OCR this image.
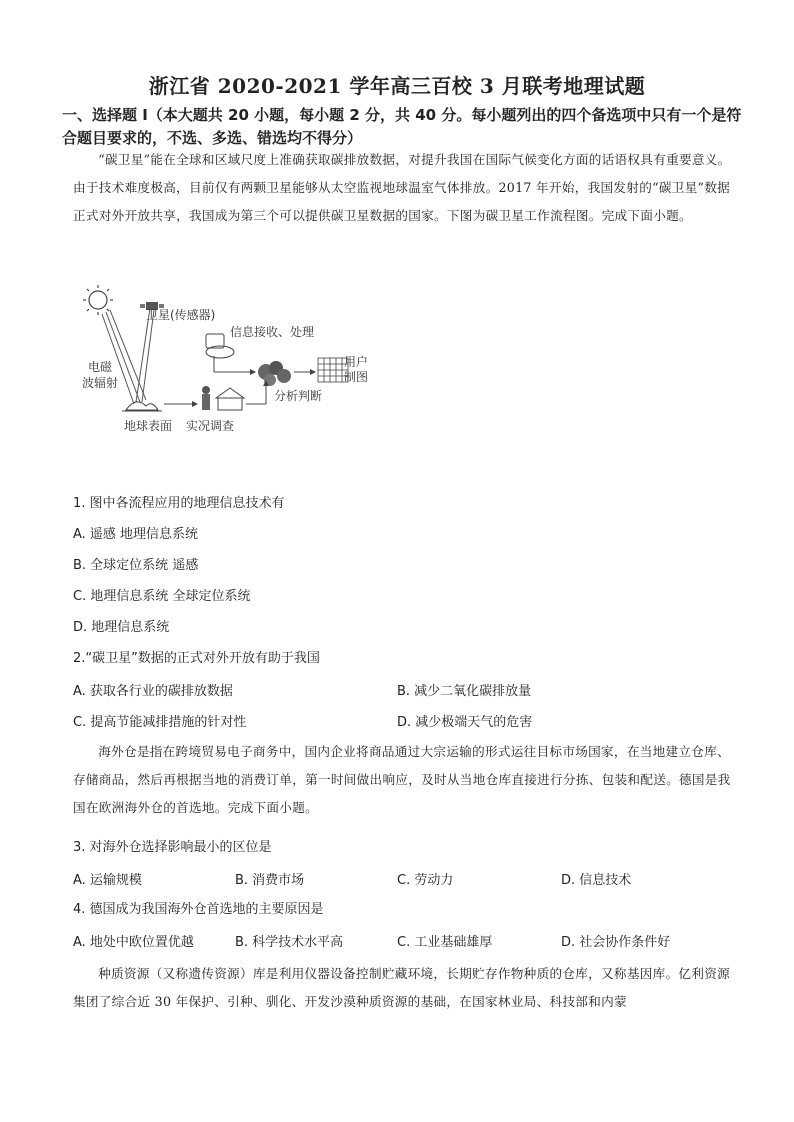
浙江省 2020-2021 学年高三百校 3 月联考地理试题
一、选择题 I（本大题共 20 小题，每小题 2 分，共 40 分。每小题列出的四个备选项中只有一个是符合题目要求的，不选、多选、错选均不得分）
“碳卫星”能在全球和区域尺度上准确获取碳排放数据，对提升我国在国际气候变化方面的话语权具有重要意义。由于技术难度极高，目前仅有两颗卫星能够从太空监视地球温室气体排放。2017 年开始，我国发射的“碳卫星”数据正式对外开放共享，我国成为第三个可以提供碳卫星数据的国家。下图为碳卫星工作流程图。完成下面小题。
卫星(传感器)
信息接收、处理
用户
制图
电磁
波辐射
分析判断
地球表面 实况调查
1. 图中各流程应用的地理信息技术有
A. 遥感 地理信息系统
B. 全球定位系统 遥感
C. 地理信息系统 全球定位系统
D. 地理信息系统
2.“碳卫星”数据的正式对外开放有助于我国
A. 获取各行业的碳排放数据	B. 减少二氧化碳排放量
C. 提高节能减排措施的针对性	D. 减少极端天气的危害
海外仓是指在跨境贸易电子商务中，国内企业将商品通过大宗运输的形式运往目标市场国家，在当地建立仓库、存储商品，然后再根据当地的消费订单，第一时间做出响应，及时从当地仓库直接进行分拣、包装和配送。德国是我国在欧洲海外仓的首选地。完成下面小题。
3. 对海外仓选择影响最小的区位是
A. 运输规模	B. 消费市场	C. 劳动力	D. 信息技术
4. 德国成为我国海外仓首选地的主要原因是
A. 地处中欧位置优越	B. 科学技术水平高	C. 工业基础雄厚	D. 社会协作条件好
种质资源（又称遗传资源）库是利用仪器设备控制贮藏环境，长期贮存作物种质的仓库，又称基因库。亿利资源集团了综合近 30 年保护、引种、驯化、开发沙漠种质资源的基础，在国家林业局、科技部和内蒙
